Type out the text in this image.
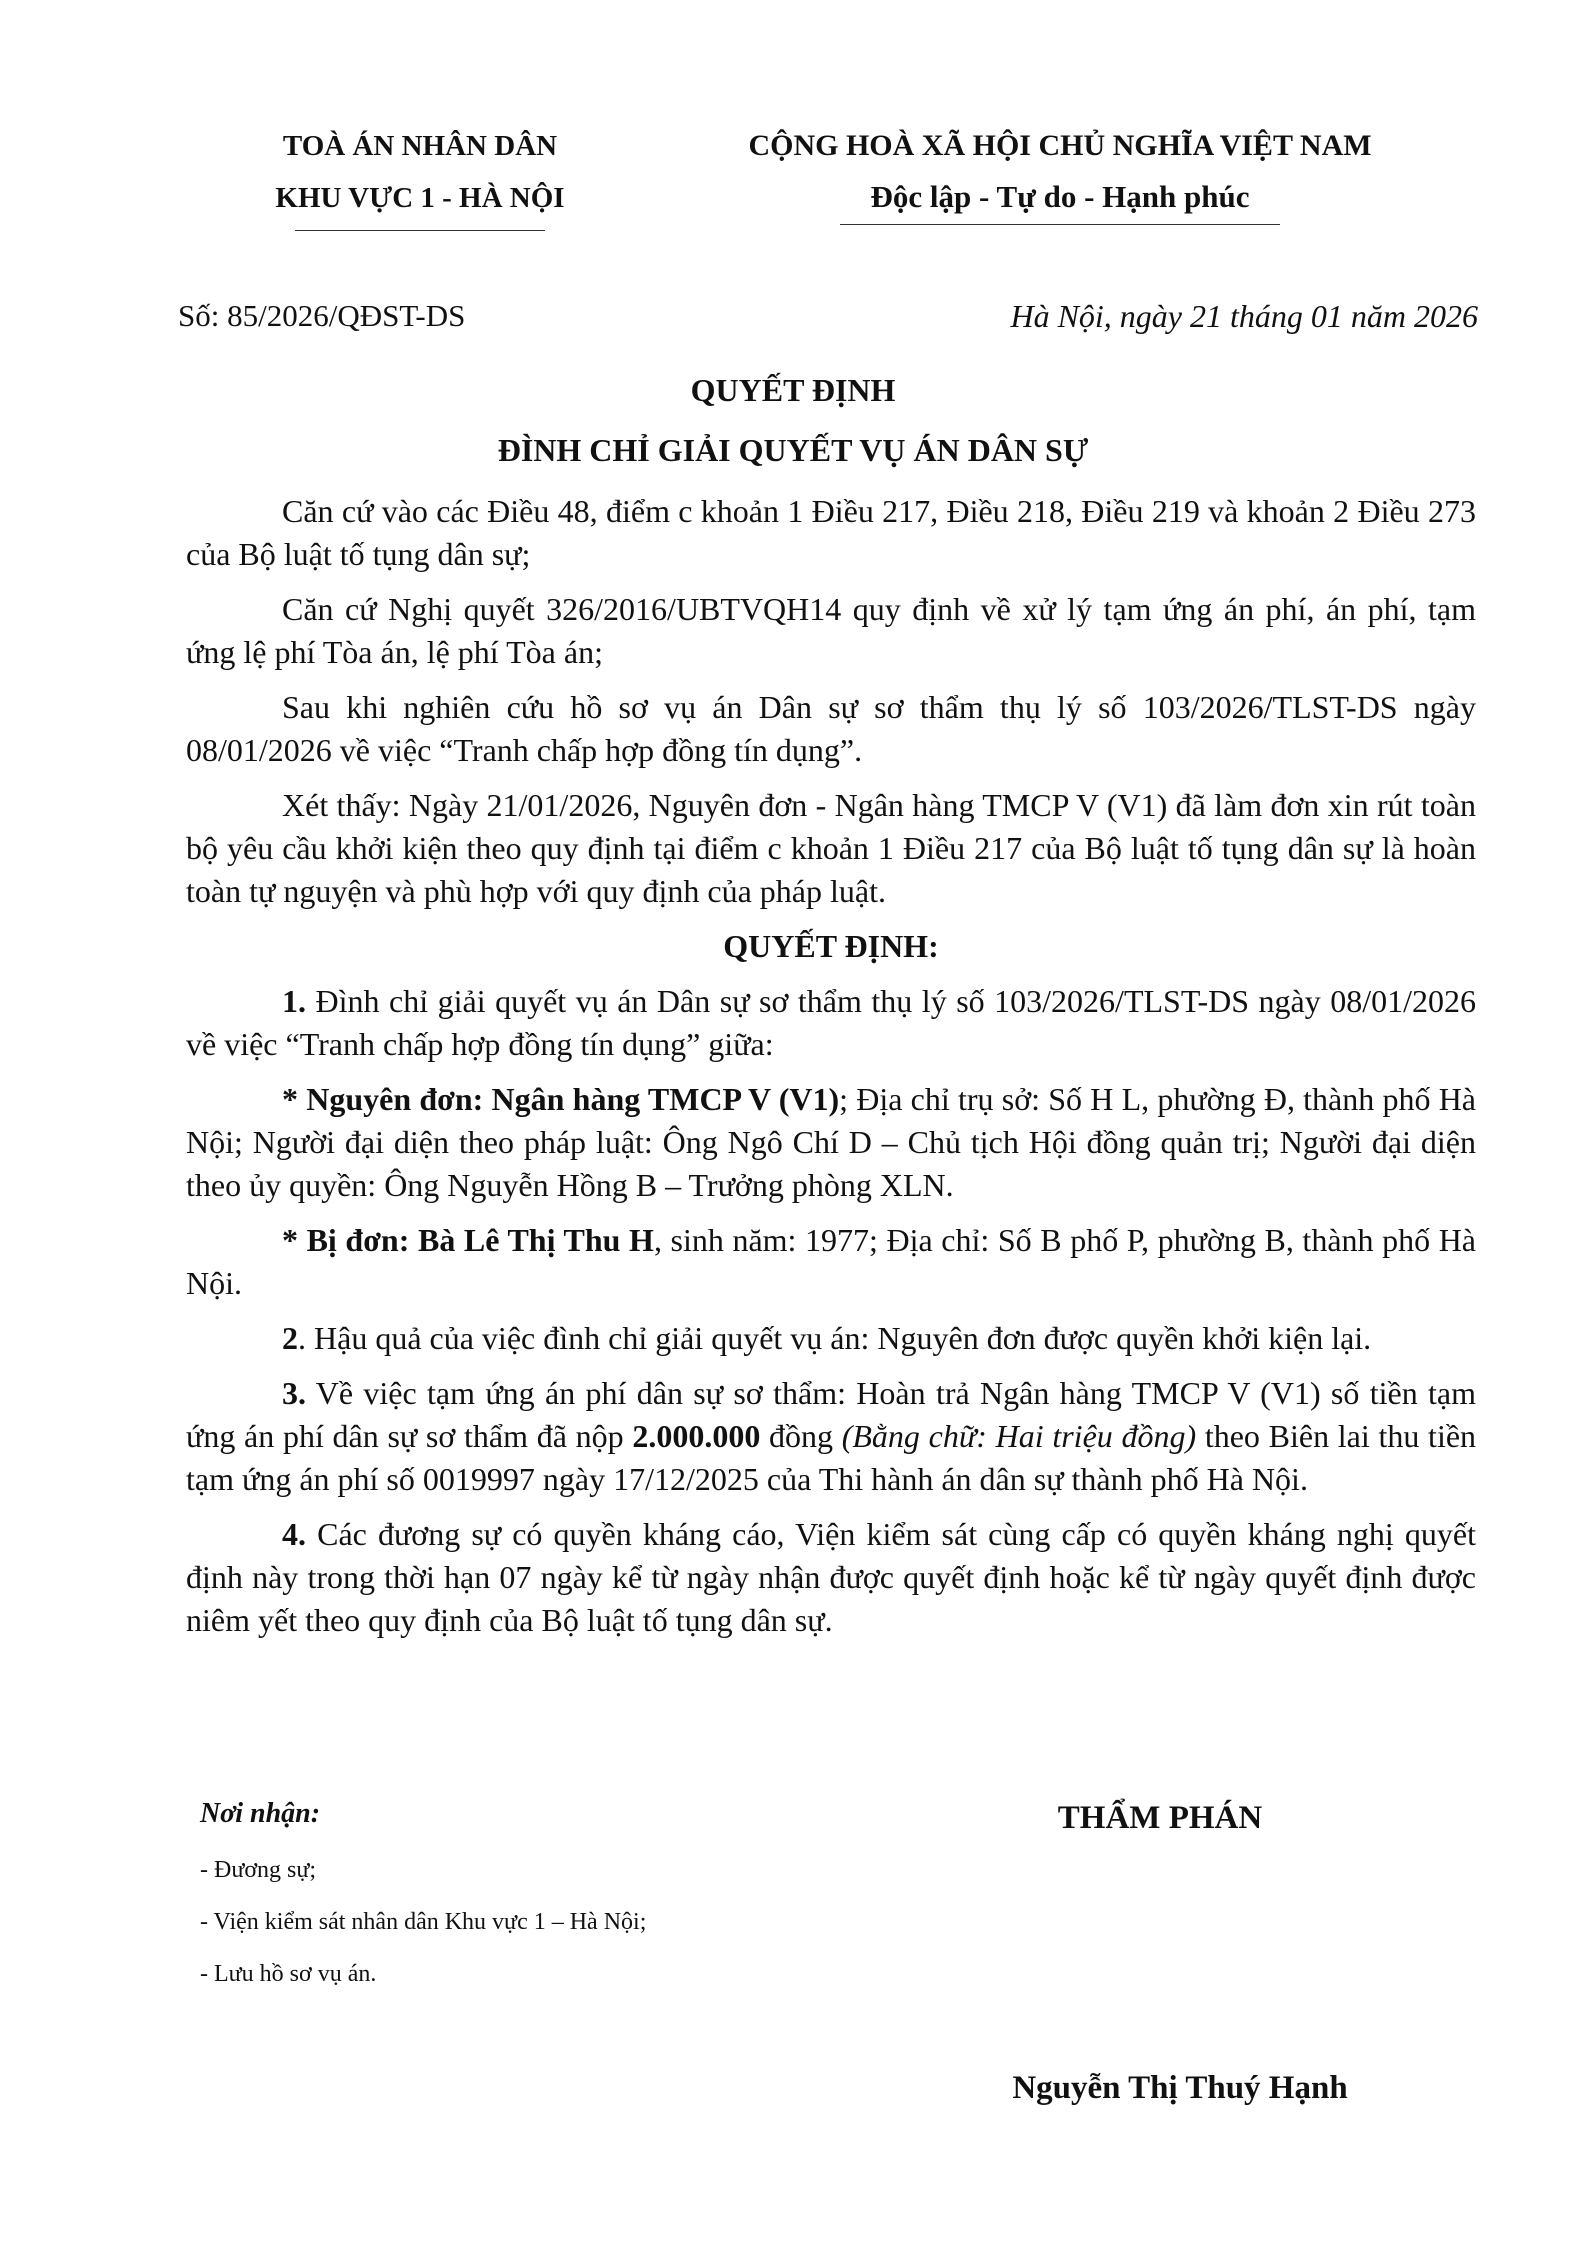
TOÀ ÁN NHÂN DÂN
KHU VỰC 1 - HÀ NỘI
CỘNG HOÀ XÃ HỘI CHỦ NGHĨA VIỆT NAM
Độc lập - Tự do - Hạnh phúc
Số: 85/2026/QĐST-DS	Hà Nội, ngày 21 tháng 01 năm 2026
QUYẾT ĐỊNH
ĐÌNH CHỈ GIẢI QUYẾT VỤ ÁN DÂN SỰ

Căn cứ vào các Điều 48, điểm c khoản 1 Điều 217, Điều 218, Điều 219 và khoản 2 Điều 273 của Bộ luật tố tụng dân sự;

Căn cứ Nghị quyết 326/2016/UBTVQH14 quy định về xử lý tạm ứng án phí, án phí, tạm ứng lệ phí Tòa án, lệ phí Tòa án;

Sau khi nghiên cứu hồ sơ vụ án Dân sự sơ thẩm thụ lý số 103/2026/TLST-DS ngày 08/01/2026 về việc “Tranh chấp hợp đồng tín dụng”.

Xét thấy: Ngày 21/01/2026, Nguyên đơn - Ngân hàng TMCP V (V1) đã làm đơn xin rút toàn bộ yêu cầu khởi kiện theo quy định tại điểm c khoản 1 Điều 217 của Bộ luật tố tụng dân sự là hoàn toàn tự nguyện và phù hợp với quy định của pháp luật.

QUYẾT ĐỊNH:

1. Đình chỉ giải quyết vụ án Dân sự sơ thẩm thụ lý số 103/2026/TLST-DS ngày 08/01/2026 về việc “Tranh chấp hợp đồng tín dụng” giữa:

* Nguyên đơn: Ngân hàng TMCP V (V1); Địa chỉ trụ sở: Số H L, phường Đ, thành phố Hà Nội; Người đại diện theo pháp luật: Ông Ngô Chí D – Chủ tịch Hội đồng quản trị; Người đại diện theo ủy quyền: Ông Nguyễn Hồng B – Trưởng phòng XLN.

* Bị đơn: Bà Lê Thị Thu H, sinh năm: 1977; Địa chỉ: Số B phố P, phường B, thành phố Hà Nội.

2. Hậu quả của việc đình chỉ giải quyết vụ án: Nguyên đơn được quyền khởi kiện lại.

3. Về việc tạm ứng án phí dân sự sơ thẩm: Hoàn trả Ngân hàng TMCP V (V1) số tiền tạm ứng án phí dân sự sơ thẩm đã nộp 2.000.000 đồng (Bằng chữ: Hai triệu đồng) theo Biên lai thu tiền tạm ứng án phí số 0019997 ngày 17/12/2025 của Thi hành án dân sự thành phố Hà Nội.

4. Các đương sự có quyền kháng cáo, Viện kiểm sát cùng cấp có quyền kháng nghị quyết định này trong thời hạn 07 ngày kể từ ngày nhận được quyết định hoặc kể từ ngày quyết định được niêm yết theo quy định của Bộ luật tố tụng dân sự.

Nơi nhận:
- Đương sự;
- Viện kiểm sát nhân dân Khu vực 1 – Hà Nội;
- Lưu hồ sơ vụ án.
THẨM PHÁN
Nguyễn Thị Thuý Hạnh
